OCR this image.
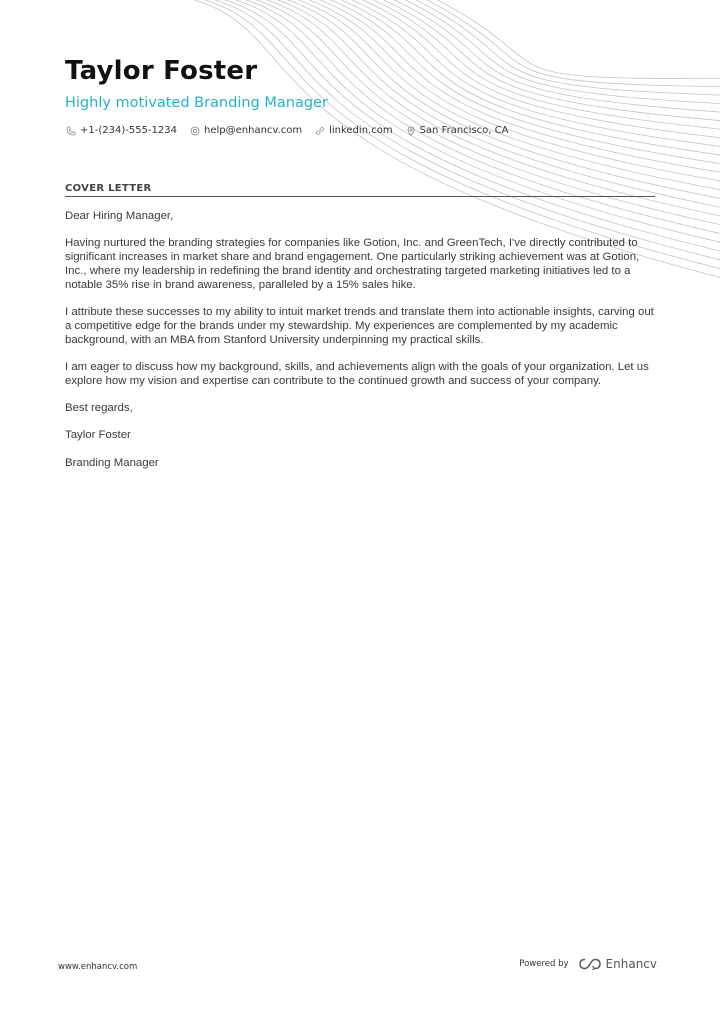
Taylor Foster

Highly motivated Branding Manager

+1-(234)-555-1234	help@enhancv.com	linkedin.com	San Francisco, CA
COVER LETTER

Dear Hiring Manager,

Having nurtured the branding strategies for companies like Gotion, Inc. and GreenTech, I've directly contributed to significant increases in market share and brand engagement. One particularly striking achievement was at Gotion, Inc., where my leadership in redefining the brand identity and orchestrating targeted marketing initiatives led to a notable 35% rise in brand awareness, paralleled by a 15% sales hike.

I attribute these successes to my ability to intuit market trends and translate them into actionable insights, carving out a competitive edge for the brands under my stewardship. My experiences are complemented by my academic background, with an MBA from Stanford University underpinning my practical skills.

I am eager to discuss how my background, skills, and achievements align with the goals of your organization. Let us explore how my vision and expertise can contribute to the continued growth and success of your company.

Best regards,

Taylor Foster

Branding Manager

www.enhancv.com	Powered by	Enhancv
